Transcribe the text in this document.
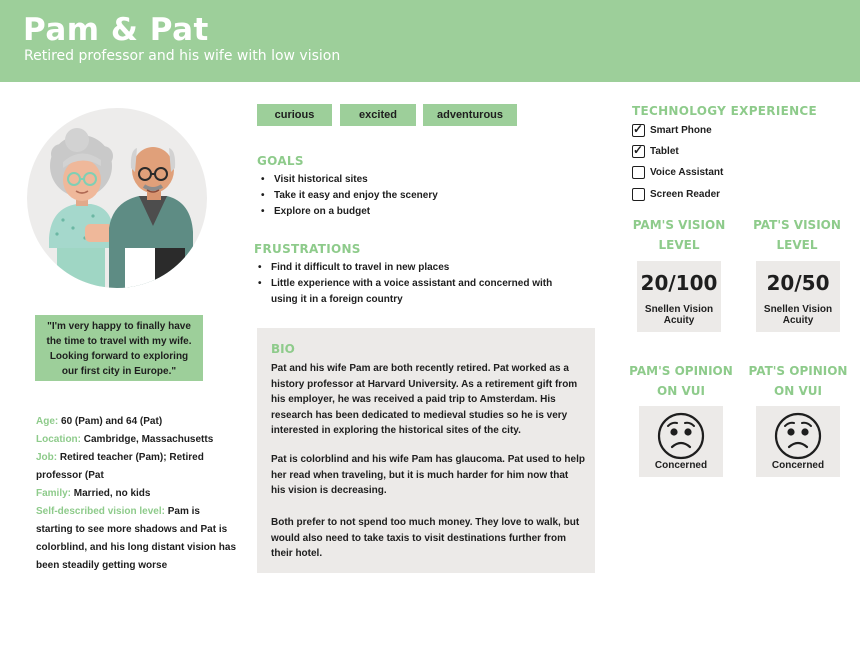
Pam & Pat
Retired professor and his wife with low vision
"I'm very happy to finally have the time to travel with my wife. Looking forward to exploring our first city in Europe."
Age: 60 (Pam) and 64 (Pat)
Location: Cambridge, Massachusetts
Job: Retired teacher (Pam); Retired professor (Pat
Family: Married, no kids
Self-described vision level: Pam is starting to see more shadows and Pat is colorblind, and his long distant vision has been steadily getting worse
curious	excited	adventurous
GOALS
• Visit historical sites
• Take it easy and enjoy the scenery
• Explore on a budget
FRUSTRATIONS
• Find it difficult to travel in new places
• Little experience with a voice assistant and concerned with using it in a foreign country
BIO
Pat and his wife Pam are both recently retired. Pat worked as a history professor at Harvard University. As a retirement gift from his employer, he was received a paid trip to Amsterdam. His research has been dedicated to medieval studies so he is very interested in exploring the historical sites of the city.
Pat is colorblind and his wife Pam has glaucoma. Pat used to help her read when traveling, but it is much harder for him now that his vision is decreasing.
Both prefer to not spend too much money. They love to walk, but would also need to take taxis to visit destinations further from their hotel.
TECHNOLOGY EXPERIENCE
✓ Smart Phone
✓ Tablet
Voice Assistant
Screen Reader
PAM'S VISION LEVEL
PAT'S VISION LEVEL
20/100
Snellen Vision Acuity
20/50
Snellen Vision Acuity
PAM'S OPINION ON VUI
PAT'S OPINION ON VUI
Concerned	Concerned
